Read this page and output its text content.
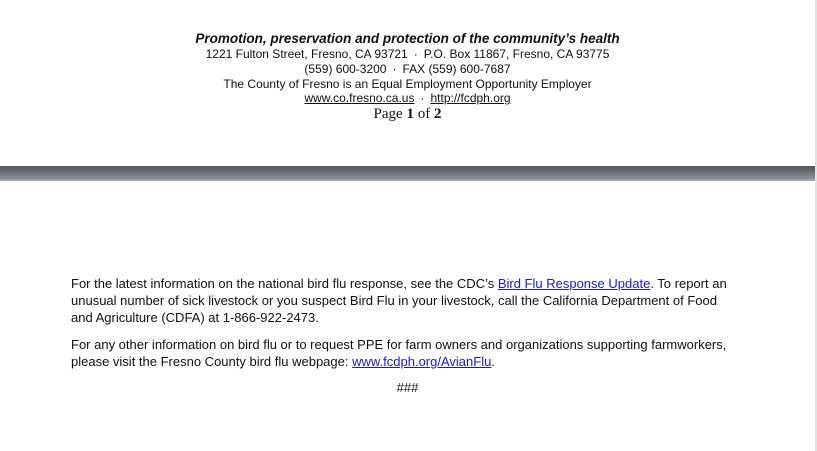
Promotion, preservation and protection of the community’s health
1221 Fulton Street, Fresno, CA 93721 · P.O. Box 11867, Fresno, CA 93775
(559) 600-3200 · FAX (559) 600-7687
The County of Fresno is an Equal Employment Opportunity Employer
www.co.fresno.ca.us · http://fcdph.org
Page 1 of 2
For the latest information on the national bird flu response, see the CDC’s Bird Flu Response Update. To report an unusual number of sick livestock or you suspect Bird Flu in your livestock, call the California Department of Food and Agriculture (CDFA) at 1-866-922-2473.
For any other information on bird flu or to request PPE for farm owners and organizations supporting farmworkers, please visit the Fresno County bird flu webpage: www.fcdph.org/AvianFlu.
###
